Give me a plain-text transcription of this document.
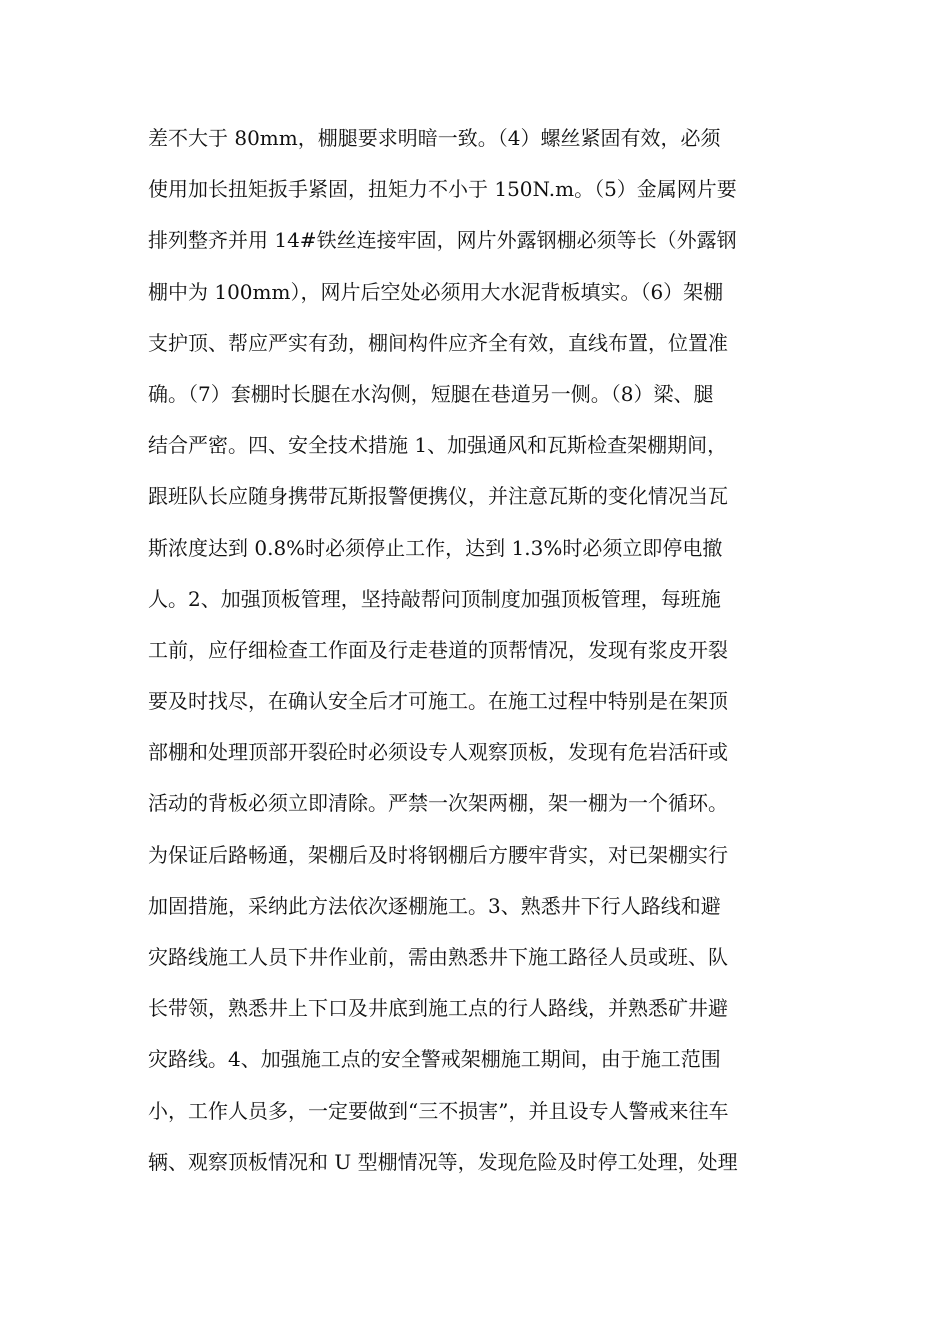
差不大于 80mm，棚腿要求明暗一致。（4）螺丝紧固有效，必须
使用加长扭矩扳手紧固，扭矩力不小于 150N.m。（5）金属网片要
排列整齐并用 14#铁丝连接牢固，网片外露钢棚必须等长（外露钢
棚中为 100mm），网片后空处必须用大水泥背板填实。（6）架棚
支护顶、帮应严实有劲，棚间构件应齐全有效，直线布置，位置准
确。（7）套棚时长腿在水沟侧，短腿在巷道另一侧。（8）梁、腿
结合严密。四、安全技术措施 1、加强通风和瓦斯检查架棚期间，
跟班队长应随身携带瓦斯报警便携仪，并注意瓦斯的变化情况当瓦
斯浓度达到 0.8%时必须停止工作，达到 1.3%时必须立即停电撤
人。2、加强顶板管理，坚持敲帮问顶制度加强顶板管理，每班施
工前，应仔细检查工作面及行走巷道的顶帮情况，发现有浆皮开裂
要及时找尽，在确认安全后才可施工。在施工过程中特别是在架顶
部棚和处理顶部开裂砼时必须设专人观察顶板，发现有危岩活矸或
活动的背板必须立即清除。严禁一次架两棚，架一棚为一个循环。
为保证后路畅通，架棚后及时将钢棚后方腰牢背实，对已架棚实行
加固措施，采纳此方法依次逐棚施工。3、熟悉井下行人路线和避
灾路线施工人员下井作业前，需由熟悉井下施工路径人员或班、队
长带领，熟悉井上下口及井底到施工点的行人路线，并熟悉矿井避
灾路线。4、加强施工点的安全警戒架棚施工期间，由于施工范围
小，工作人员多，一定要做到“三不损害”，并且设专人警戒来往车
辆、观察顶板情况和 U 型棚情况等，发现危险及时停工处理，处理
